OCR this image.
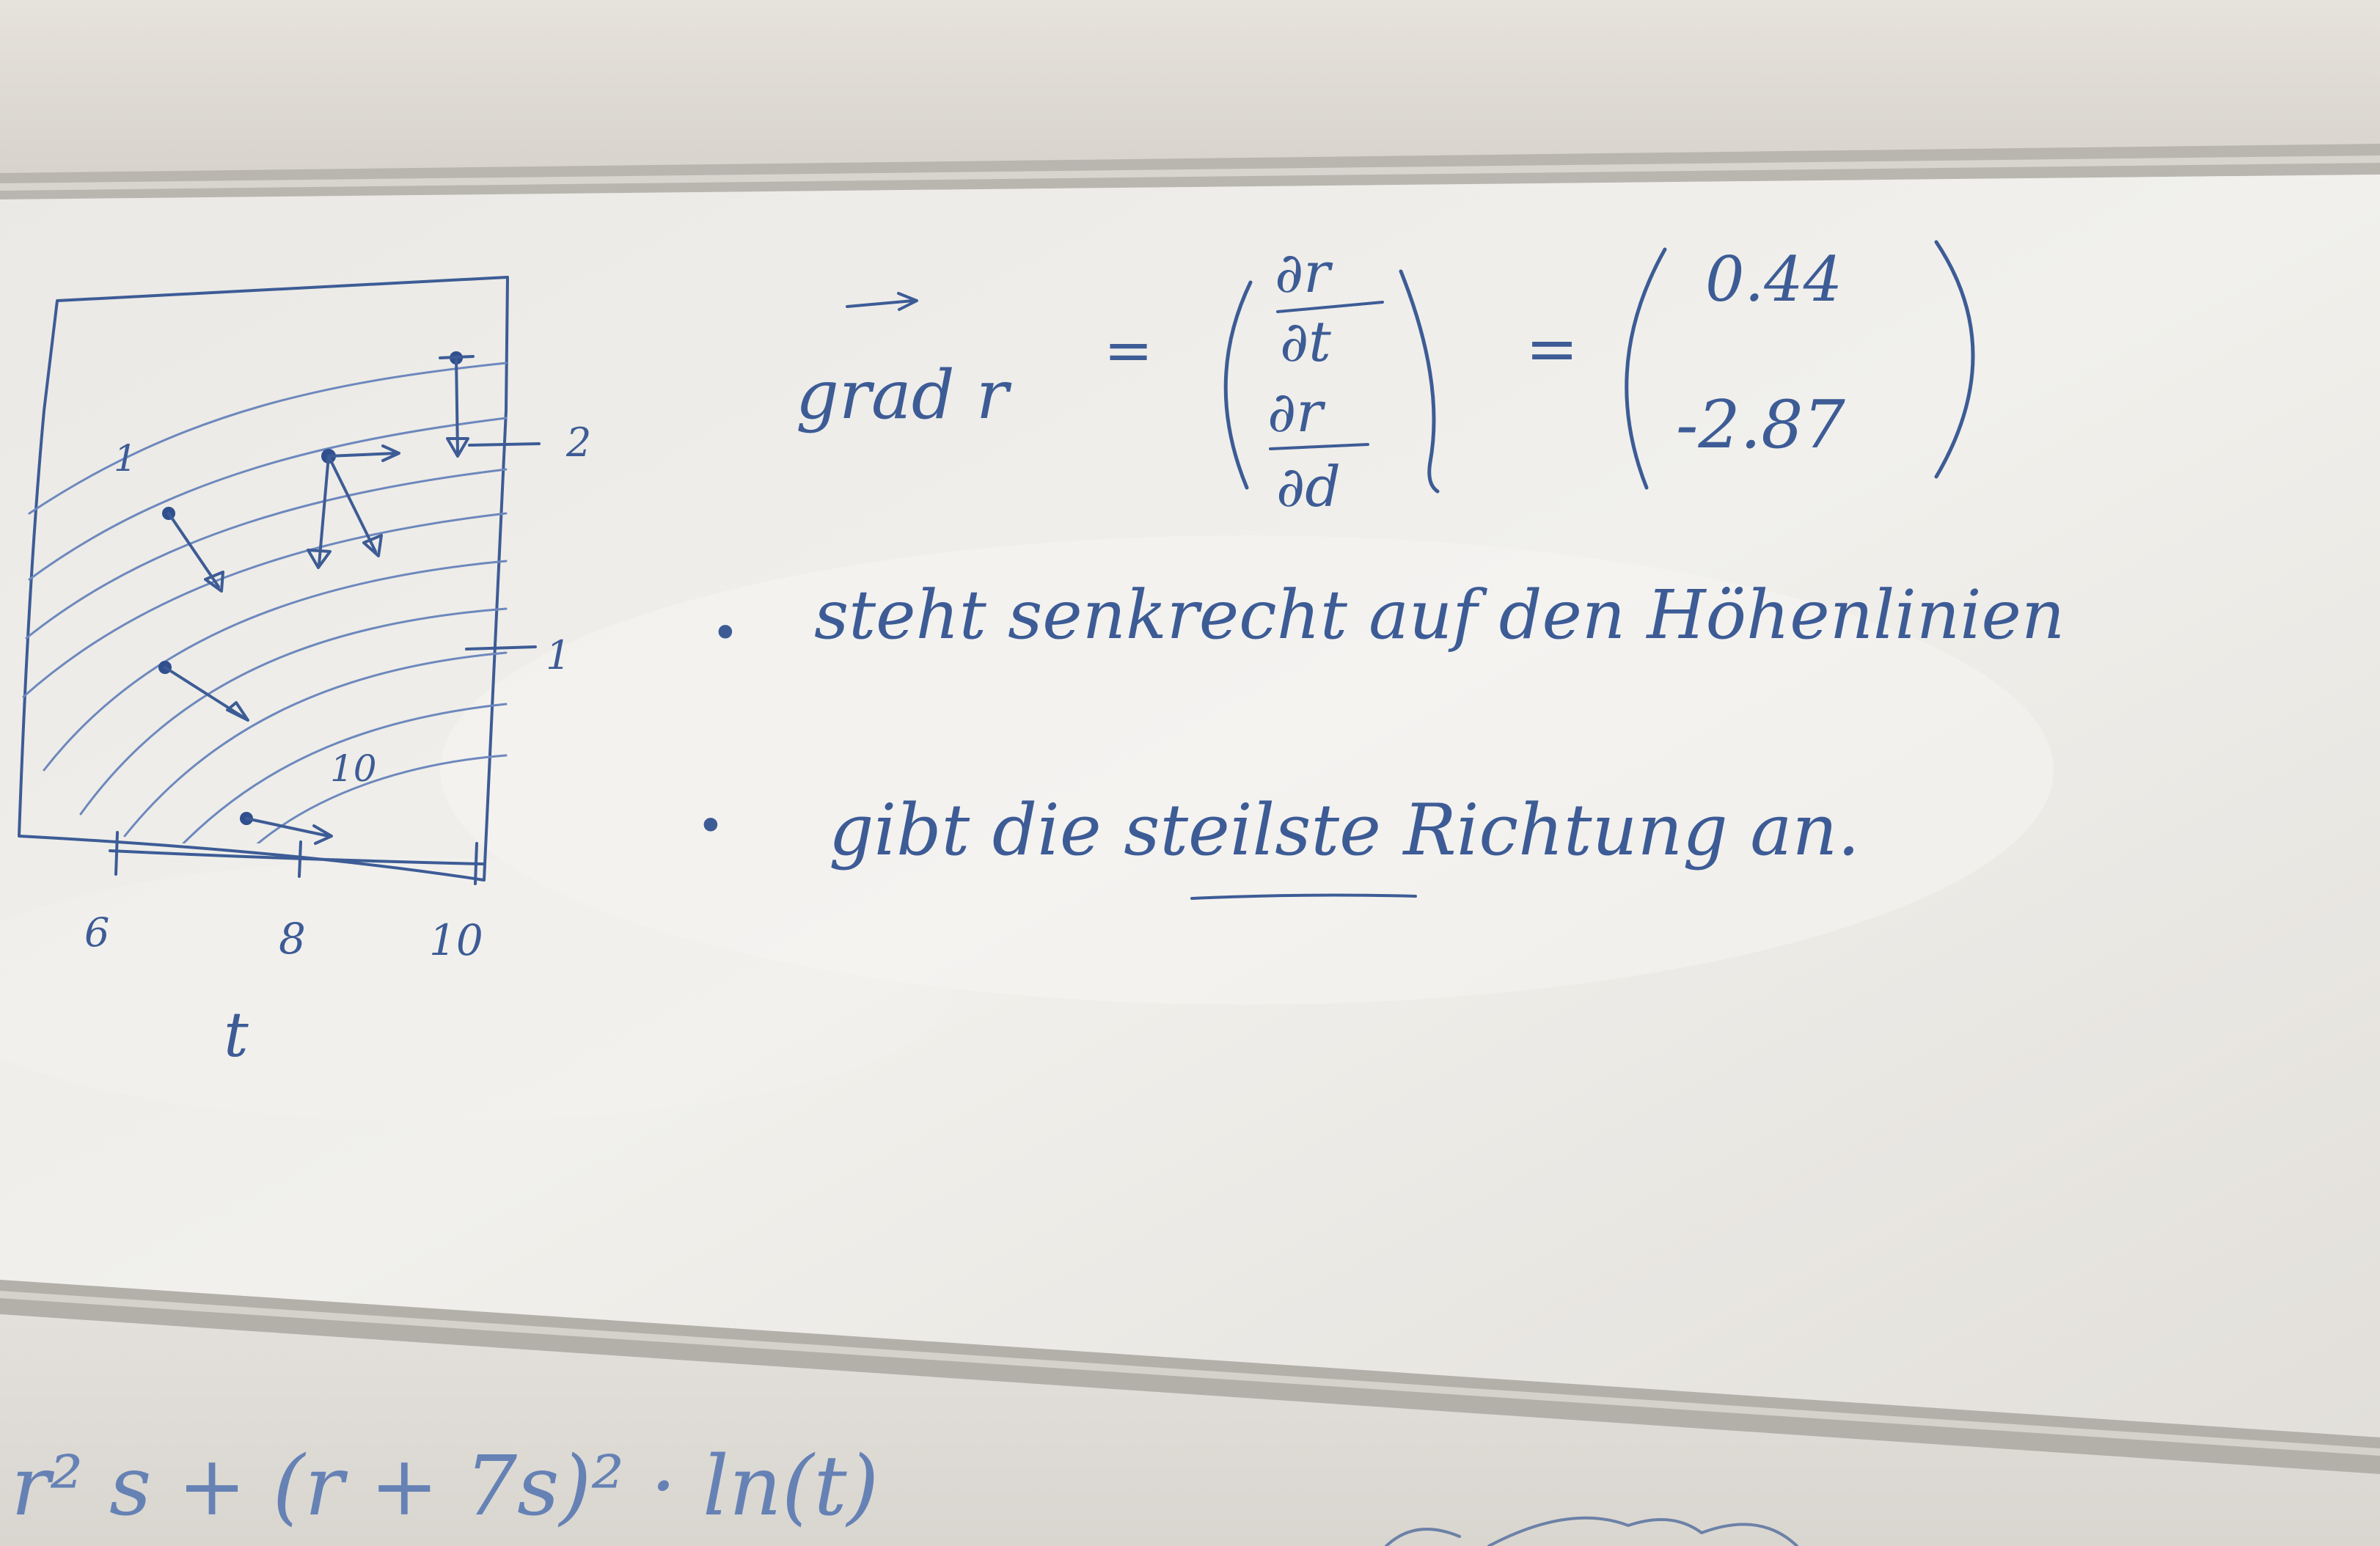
2
1
1
10
6	8	10
t
grad r
=
∂r
∂t
∂r
∂d
=
0.44
-2.87
• steht senkrecht auf den Höhenlinien
• gibt die steilste Richtung an.
r² s + (r + 7s)² · ln(t)
